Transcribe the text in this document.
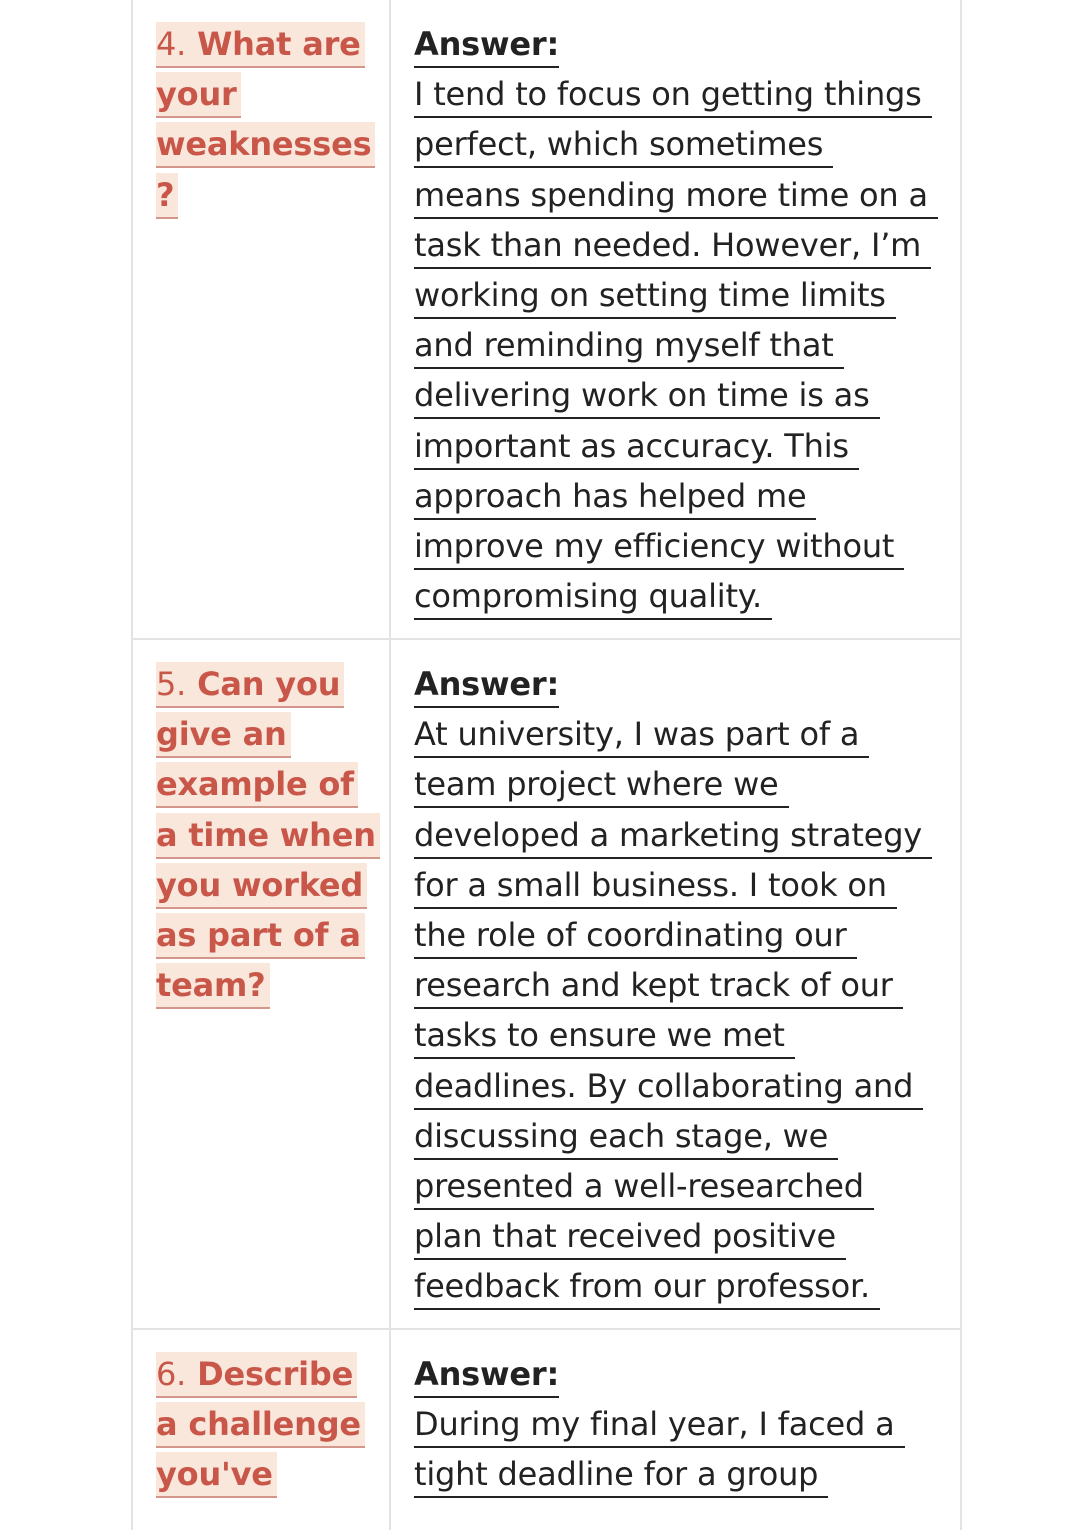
4. What are
your
weaknesses
?
Answer:
I tend to focus on getting things
perfect, which sometimes
means spending more time on a
task than needed. However, I’m
working on setting time limits
and reminding myself that
delivering work on time is as
important as accuracy. This
approach has helped me
improve my efficiency without
compromising quality.
5. Can you
give an
example of
a time when
you worked
as part of a
team?
Answer:
At university, I was part of a
team project where we
developed a marketing strategy
for a small business. I took on
the role of coordinating our
research and kept track of our
tasks to ensure we met
deadlines. By collaborating and
discussing each stage, we
presented a well-researched
plan that received positive
feedback from our professor.
6. Describe
a challenge
you've
Answer:
During my final year, I faced a
tight deadline for a group
